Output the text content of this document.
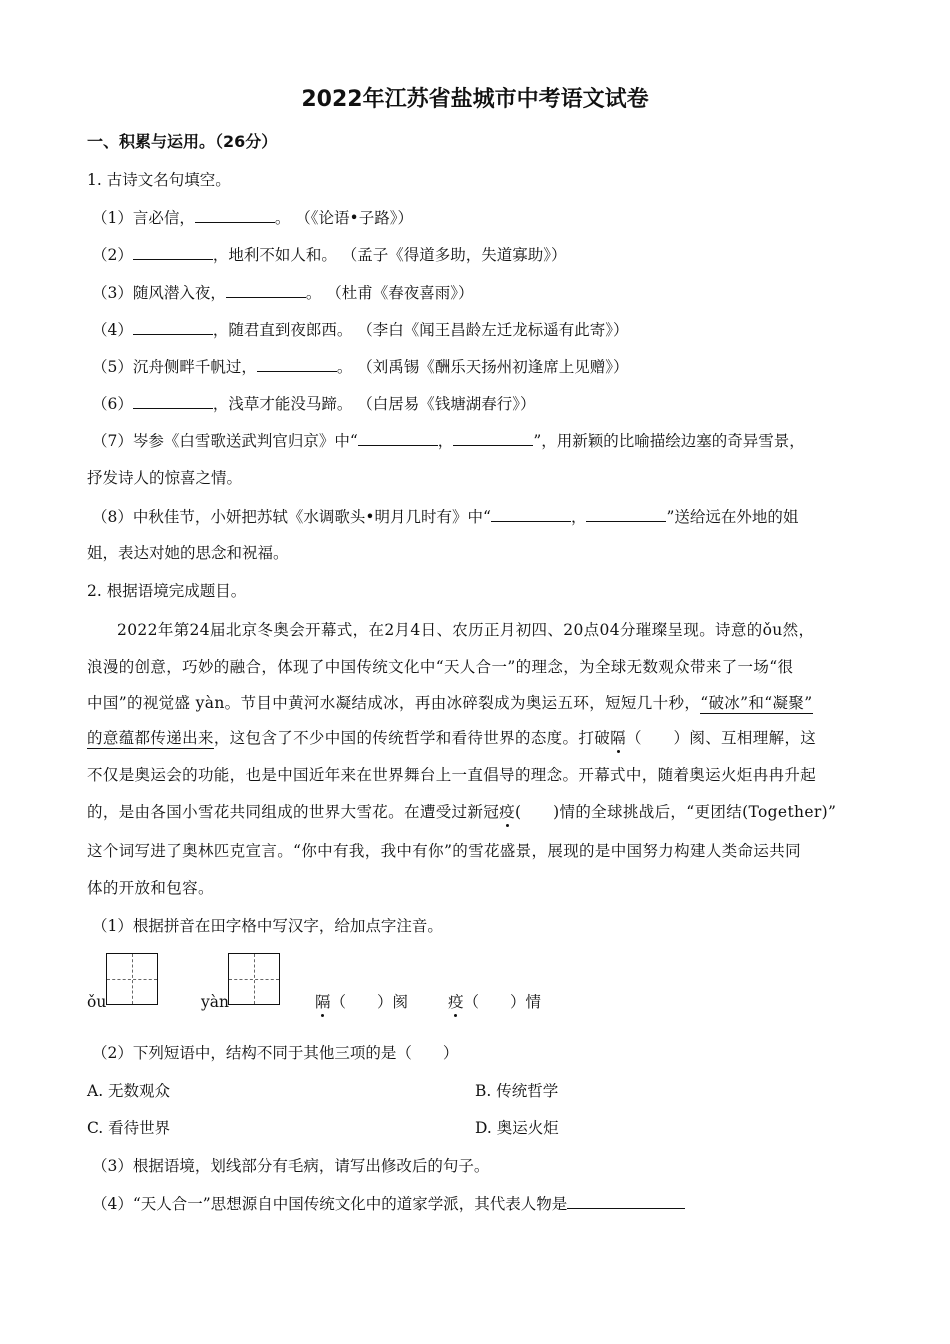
2022年江苏省盐城市中考语文试卷
一、积累与运用。（26分）
1. 古诗文名句填空。
（1）言必信，	。 （《论语•子路》）
（2）	，地利不如人和。 （孟子《得道多助，失道寡助》）
（3）随风潜入夜，	。 （杜甫《春夜喜雨》）
（4）	，随君直到夜郎西。 （李白《闻王昌龄左迁龙标遥有此寄》）
（5）沉舟侧畔千帆过，	。 （刘禹锡《酬乐天扬州初逢席上见赠》）
（6）	，浅草才能没马蹄。 （白居易《钱塘湖春行》）
（7）岑参《白雪歌送武判官归京》中“	，	”，用新颖的比喻描绘边塞的奇异雪景，
抒发诗人的惊喜之情。
（8）中秋佳节，小妍把苏轼《水调歌头•明月几时有》中“	，	”送给远在外地的姐
姐，表达对她的思念和祝福。
2. 根据语境完成题目。
2022年第24届北京冬奥会开幕式，在2月4日、农历正月初四、20点04分璀璨呈现。诗意的ǒu然，
浪漫的创意，巧妙的融合，体现了中国传统文化中“天人合一”的理念，为全球无数观众带来了一场“很
中国”的视觉盛 yàn。节目中黄河水凝结成冰，再由冰碎裂成为奥运五环，短短几十秒，“破冰”和“凝聚”
的意蕴都传递出来，这包含了不少中国的传统哲学和看待世界的态度。打破隔（　　）阂、互相理解，这
不仅是奥运会的功能，也是中国近年来在世界舞台上一直倡导的理念。开幕式中，随着奥运火炬冉冉升起
的，是由各国小雪花共同组成的世界大雪花。在遭受过新冠疫(　　)情的全球挑战后，“更团结(Together)”
这个词写进了奥林匹克宣言。“你中有我，我中有你”的雪花盛景，展现的是中国努力构建人类命运共同
体的开放和包容。
（1）根据拼音在田字格中写汉字，给加点字注音。
ǒu	yàn	隔（　　）阂	疫（　　）情
（2）下列短语中，结构不同于其他三项的是（　　）
A. 无数观众	B. 传统哲学
C. 看待世界	D. 奥运火炬
（3）根据语境，划线部分有毛病，请写出修改后的句子。
（4）“天人合一”思想源自中国传统文化中的道家学派，其代表人物是
